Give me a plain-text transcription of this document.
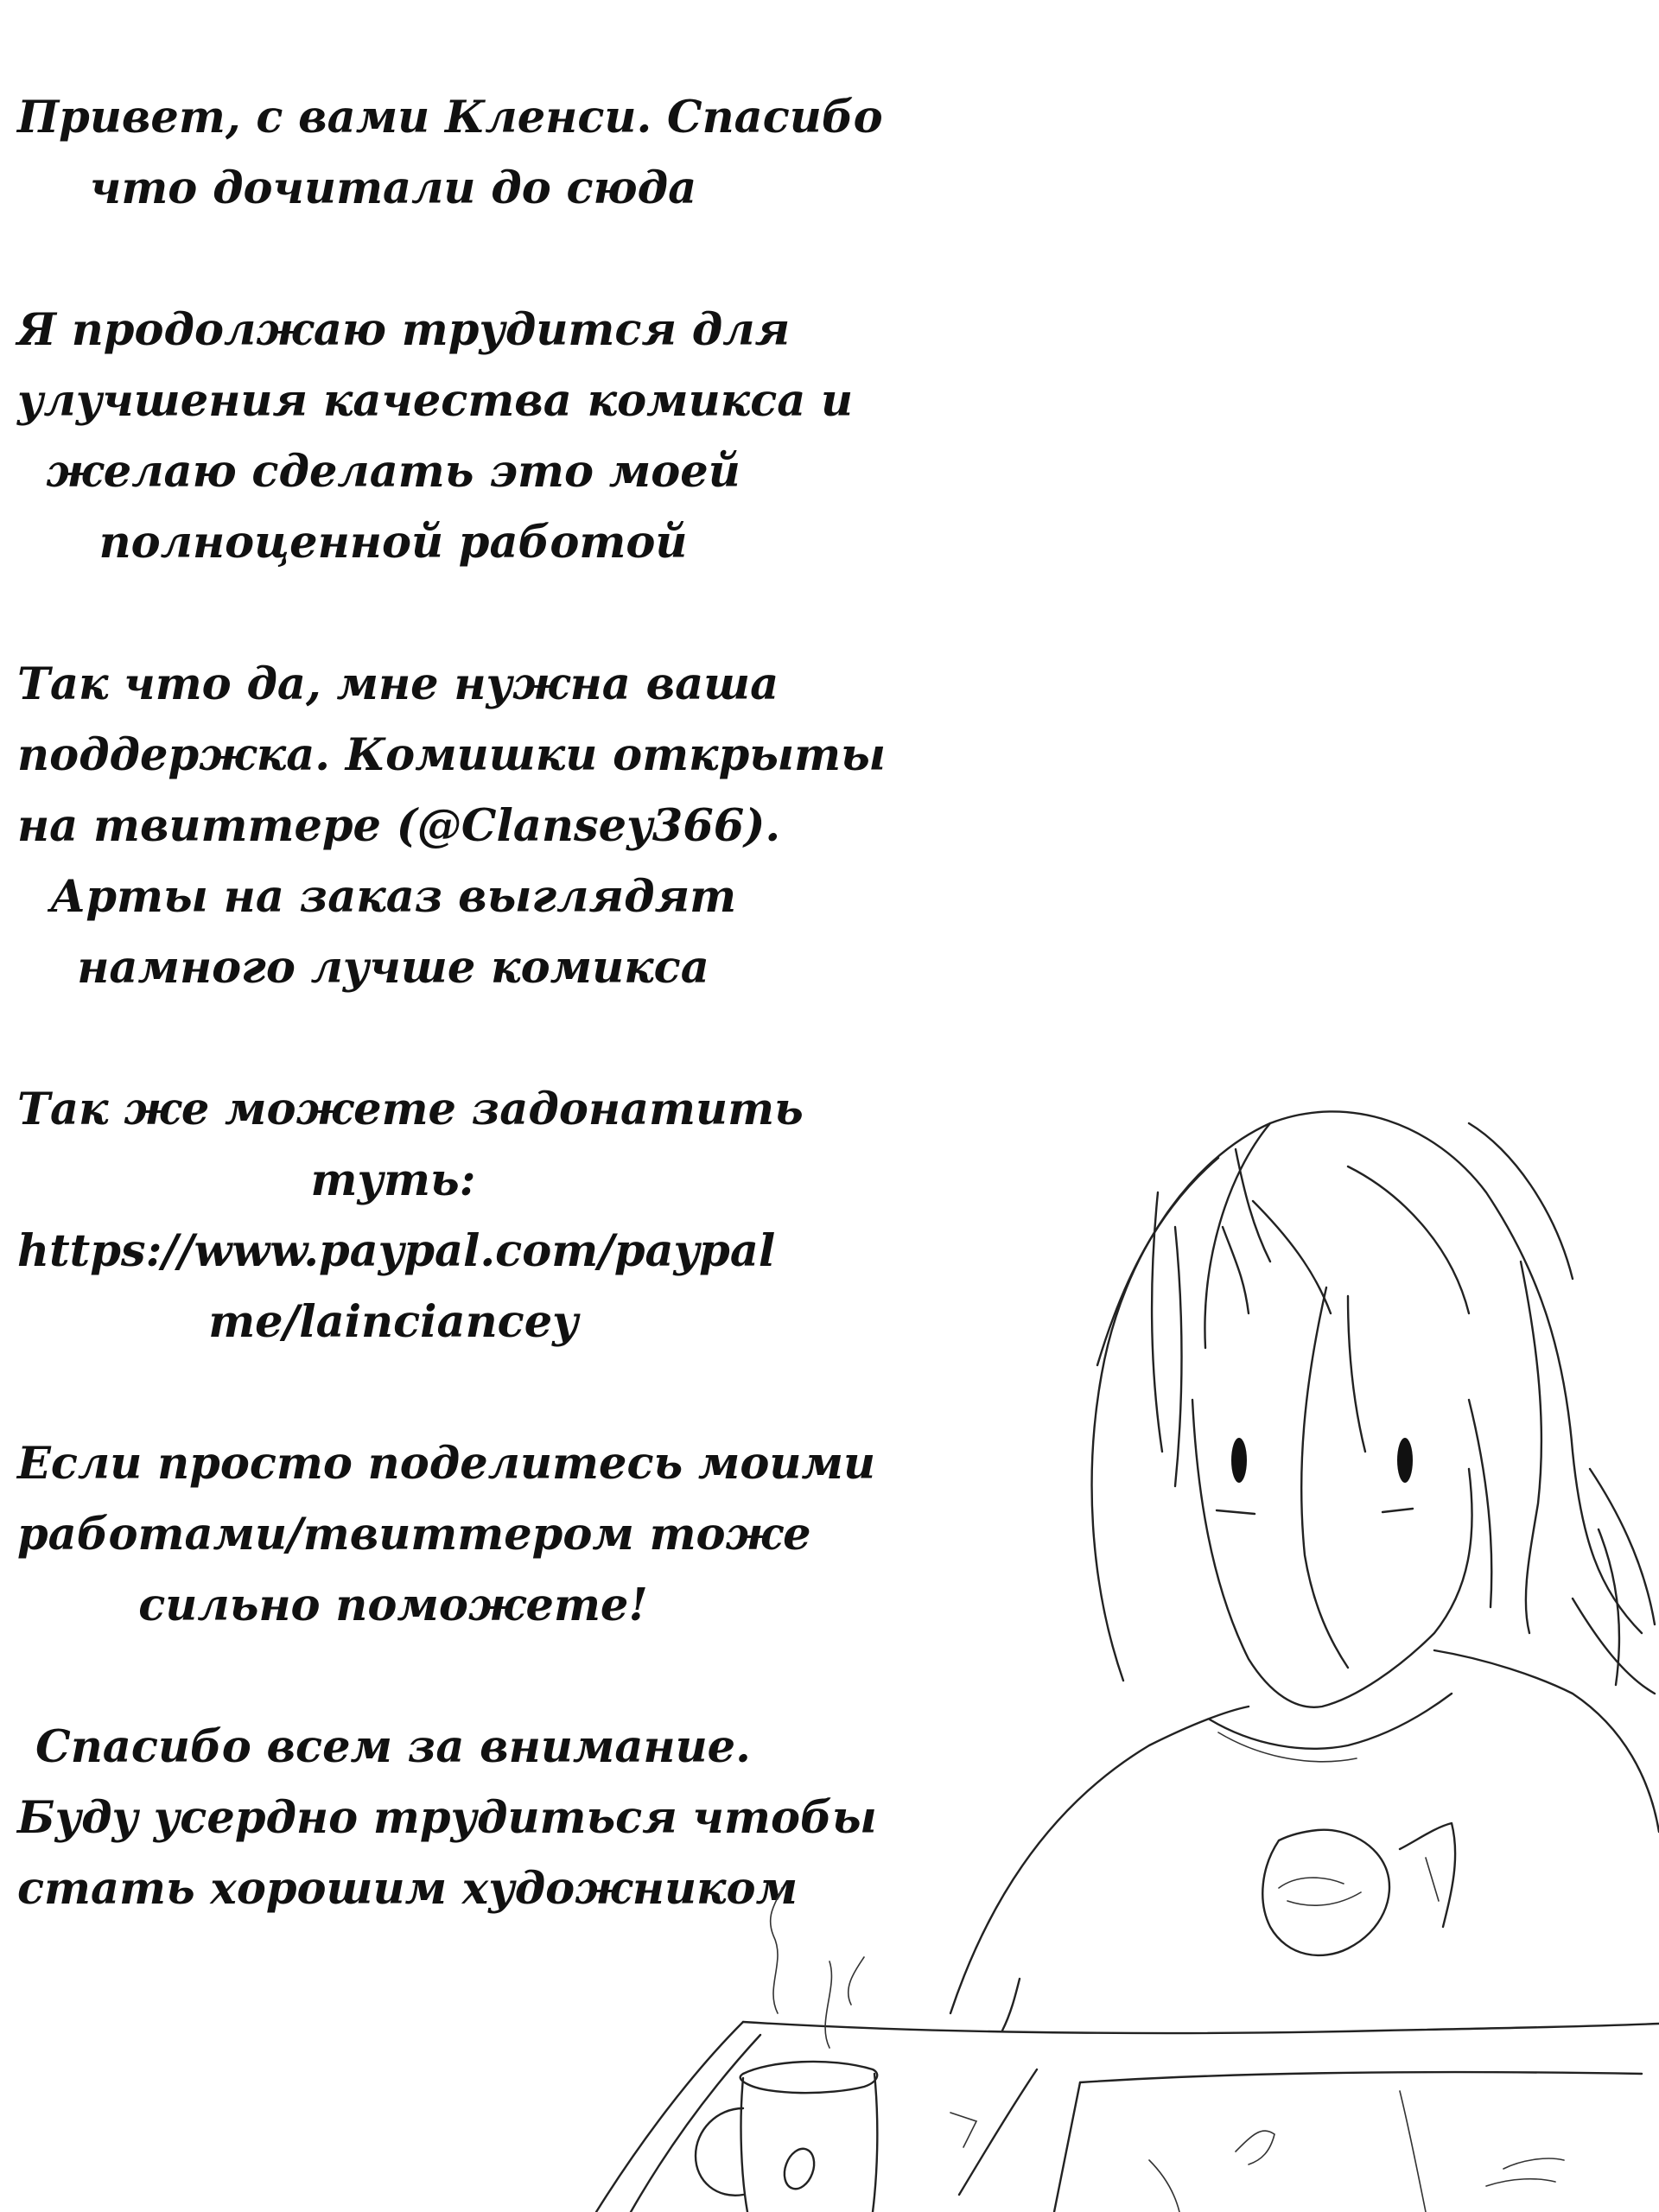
Привет, с вами Кленси. Спасибо
что дочитали до сюда

Я продолжаю трудится для
улучшения качества комикса и
желаю сделать это моей
полноценной работой

Так что да, мне нужна ваша
поддержка. Комишки открыты
на твиттере (@Clansey366).
Арты на заказ выглядят
намного лучше комикса

Так же можете задонатить
туть:
https://www.paypal.com/paypal
me/lainciancey

Если просто поделитесь моими
работами/твиттером тоже
сильно поможете!

Спасибо всем за внимание.
Буду усердно трудиться чтобы
стать хорошим художником
